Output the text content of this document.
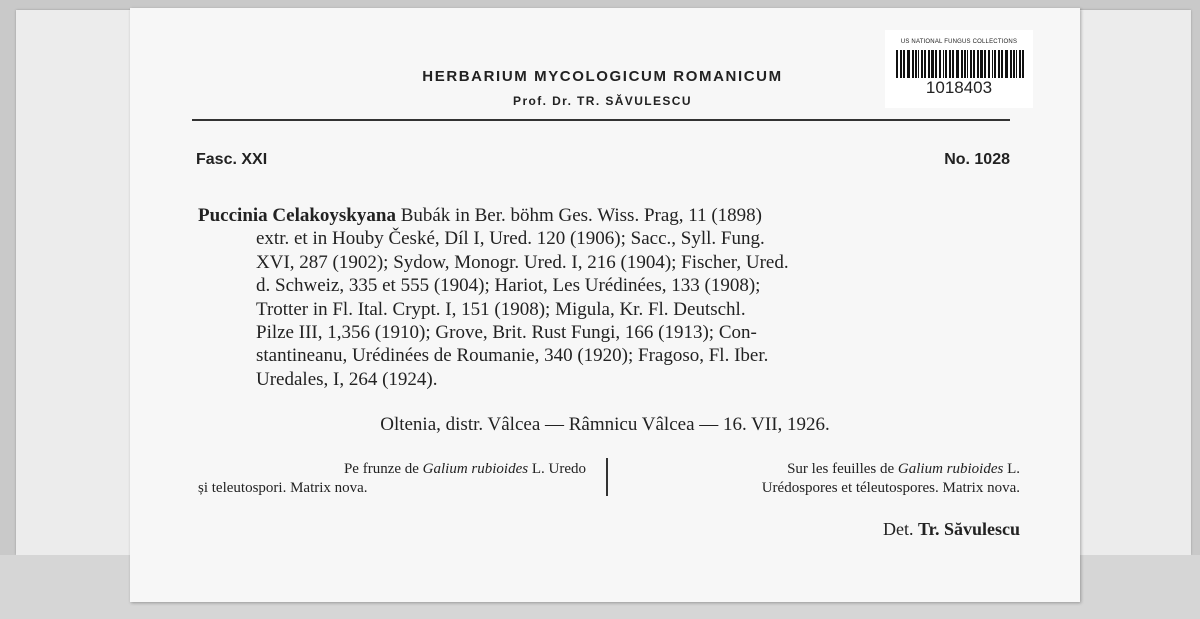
HERBARIUM MYCOLOGICUM ROMANICUM
Prof. Dr. TR. SĂVULESCU
US NATIONAL FUNGUS COLLECTIONS
1018403
Fasc. XXI	No. 1028
Puccinia Celakoyskyana Bubák in Ber. böhm Ges. Wiss. Prag, 11 (1898)
extr. et in Houby České, Díl I, Ured. 120 (1906); Sacc., Syll. Fung.
XVI, 287 (1902); Sydow, Monogr. Ured. I, 216 (1904); Fischer, Ured.
d. Schweiz, 335 et 555 (1904); Hariot, Les Urédinées, 133 (1908);
Trotter in Fl. Ital. Crypt. I, 151 (1908); Migula, Kr. Fl. Deutschl.
Pilze III, 1,356 (1910); Grove, Brit. Rust Fungi, 166 (1913); Con-
stantineanu, Urédinées de Roumanie, 340 (1920); Fragoso, Fl. Iber.
Uredales, I, 264 (1924).
Oltenia, distr. Vâlcea — Râmnicu Vâlcea — 16. VII, 1926.
Pe frunze de Galium rubioides L. Uredo
și teleutospori. Matrix nova.
Sur les feuilles de Galium rubioides L.
Urédospores et téleutospores. Matrix nova.
Det. Tr. Săvulescu
